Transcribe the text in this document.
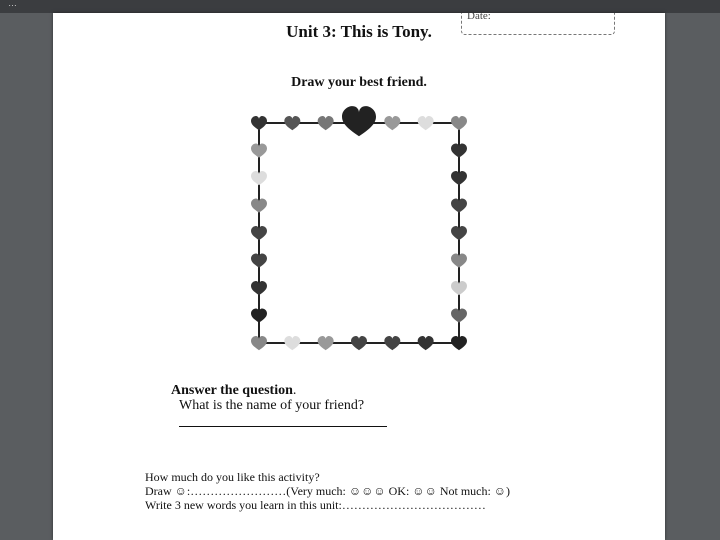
…
Date:
Unit 3: This is Tony.
Draw your best friend.
Answer the question.
What is the name of your friend?
How much do you like this activity?
Draw ☺:……………………(Very much: ☺☺☺ OK: ☺☺ Not much: ☺)
Write 3 new words you learn in this unit:………………………………
